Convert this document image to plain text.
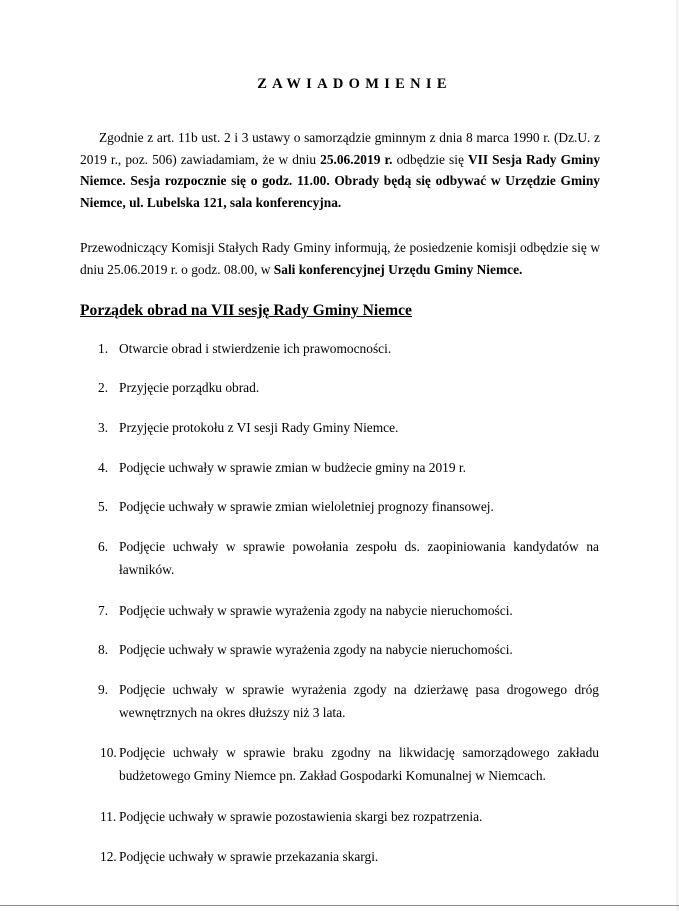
ZAWIADOMIENIE
Zgodnie z art. 11b ust. 2 i 3 ustawy o samorządzie gminnym z dnia 8 marca 1990 r. (Dz.U. z 2019 r., poz. 506) zawiadamiam, że w dniu 25.06.2019 r. odbędzie się VII Sesja Rady Gminy Niemce. Sesja rozpocznie się o godz. 11.00. Obrady będą się odbywać w Urzędzie Gminy Niemce, ul. Lubelska 121, sala konferencyjna.
Przewodniczący Komisji Stałych Rady Gminy informują, że posiedzenie komisji odbędzie się w dniu 25.06.2019 r. o godz. 08.00, w Sali konferencyjnej Urzędu Gminy Niemce.
Porządek obrad na VII sesję Rady Gminy Niemce
1. Otwarcie obrad i stwierdzenie ich prawomocności.
2. Przyjęcie porządku obrad.
3. Przyjęcie protokołu z VI sesji Rady Gminy Niemce.
4. Podjęcie uchwały w sprawie zmian w budżecie gminy na 2019 r.
5. Podjęcie uchwały w sprawie zmian wieloletniej prognozy finansowej.
6. Podjęcie uchwały w sprawie powołania zespołu ds. zaopiniowania kandydatów na ławników.
7. Podjęcie uchwały w sprawie wyrażenia zgody na nabycie nieruchomości.
8. Podjęcie uchwały w sprawie wyrażenia zgody na nabycie nieruchomości.
9. Podjęcie uchwały w sprawie wyrażenia zgody na dzierżawę pasa drogowego dróg wewnętrznych na okres dłuższy niż 3 lata.
10. Podjęcie uchwały w sprawie braku zgodny na likwidację samorządowego zakładu budżetowego Gminy Niemce pn. Zakład Gospodarki Komunalnej w Niemcach.
11. Podjęcie uchwały w sprawie pozostawienia skargi bez rozpatrzenia.
12. Podjęcie uchwały w sprawie przekazania skargi.
